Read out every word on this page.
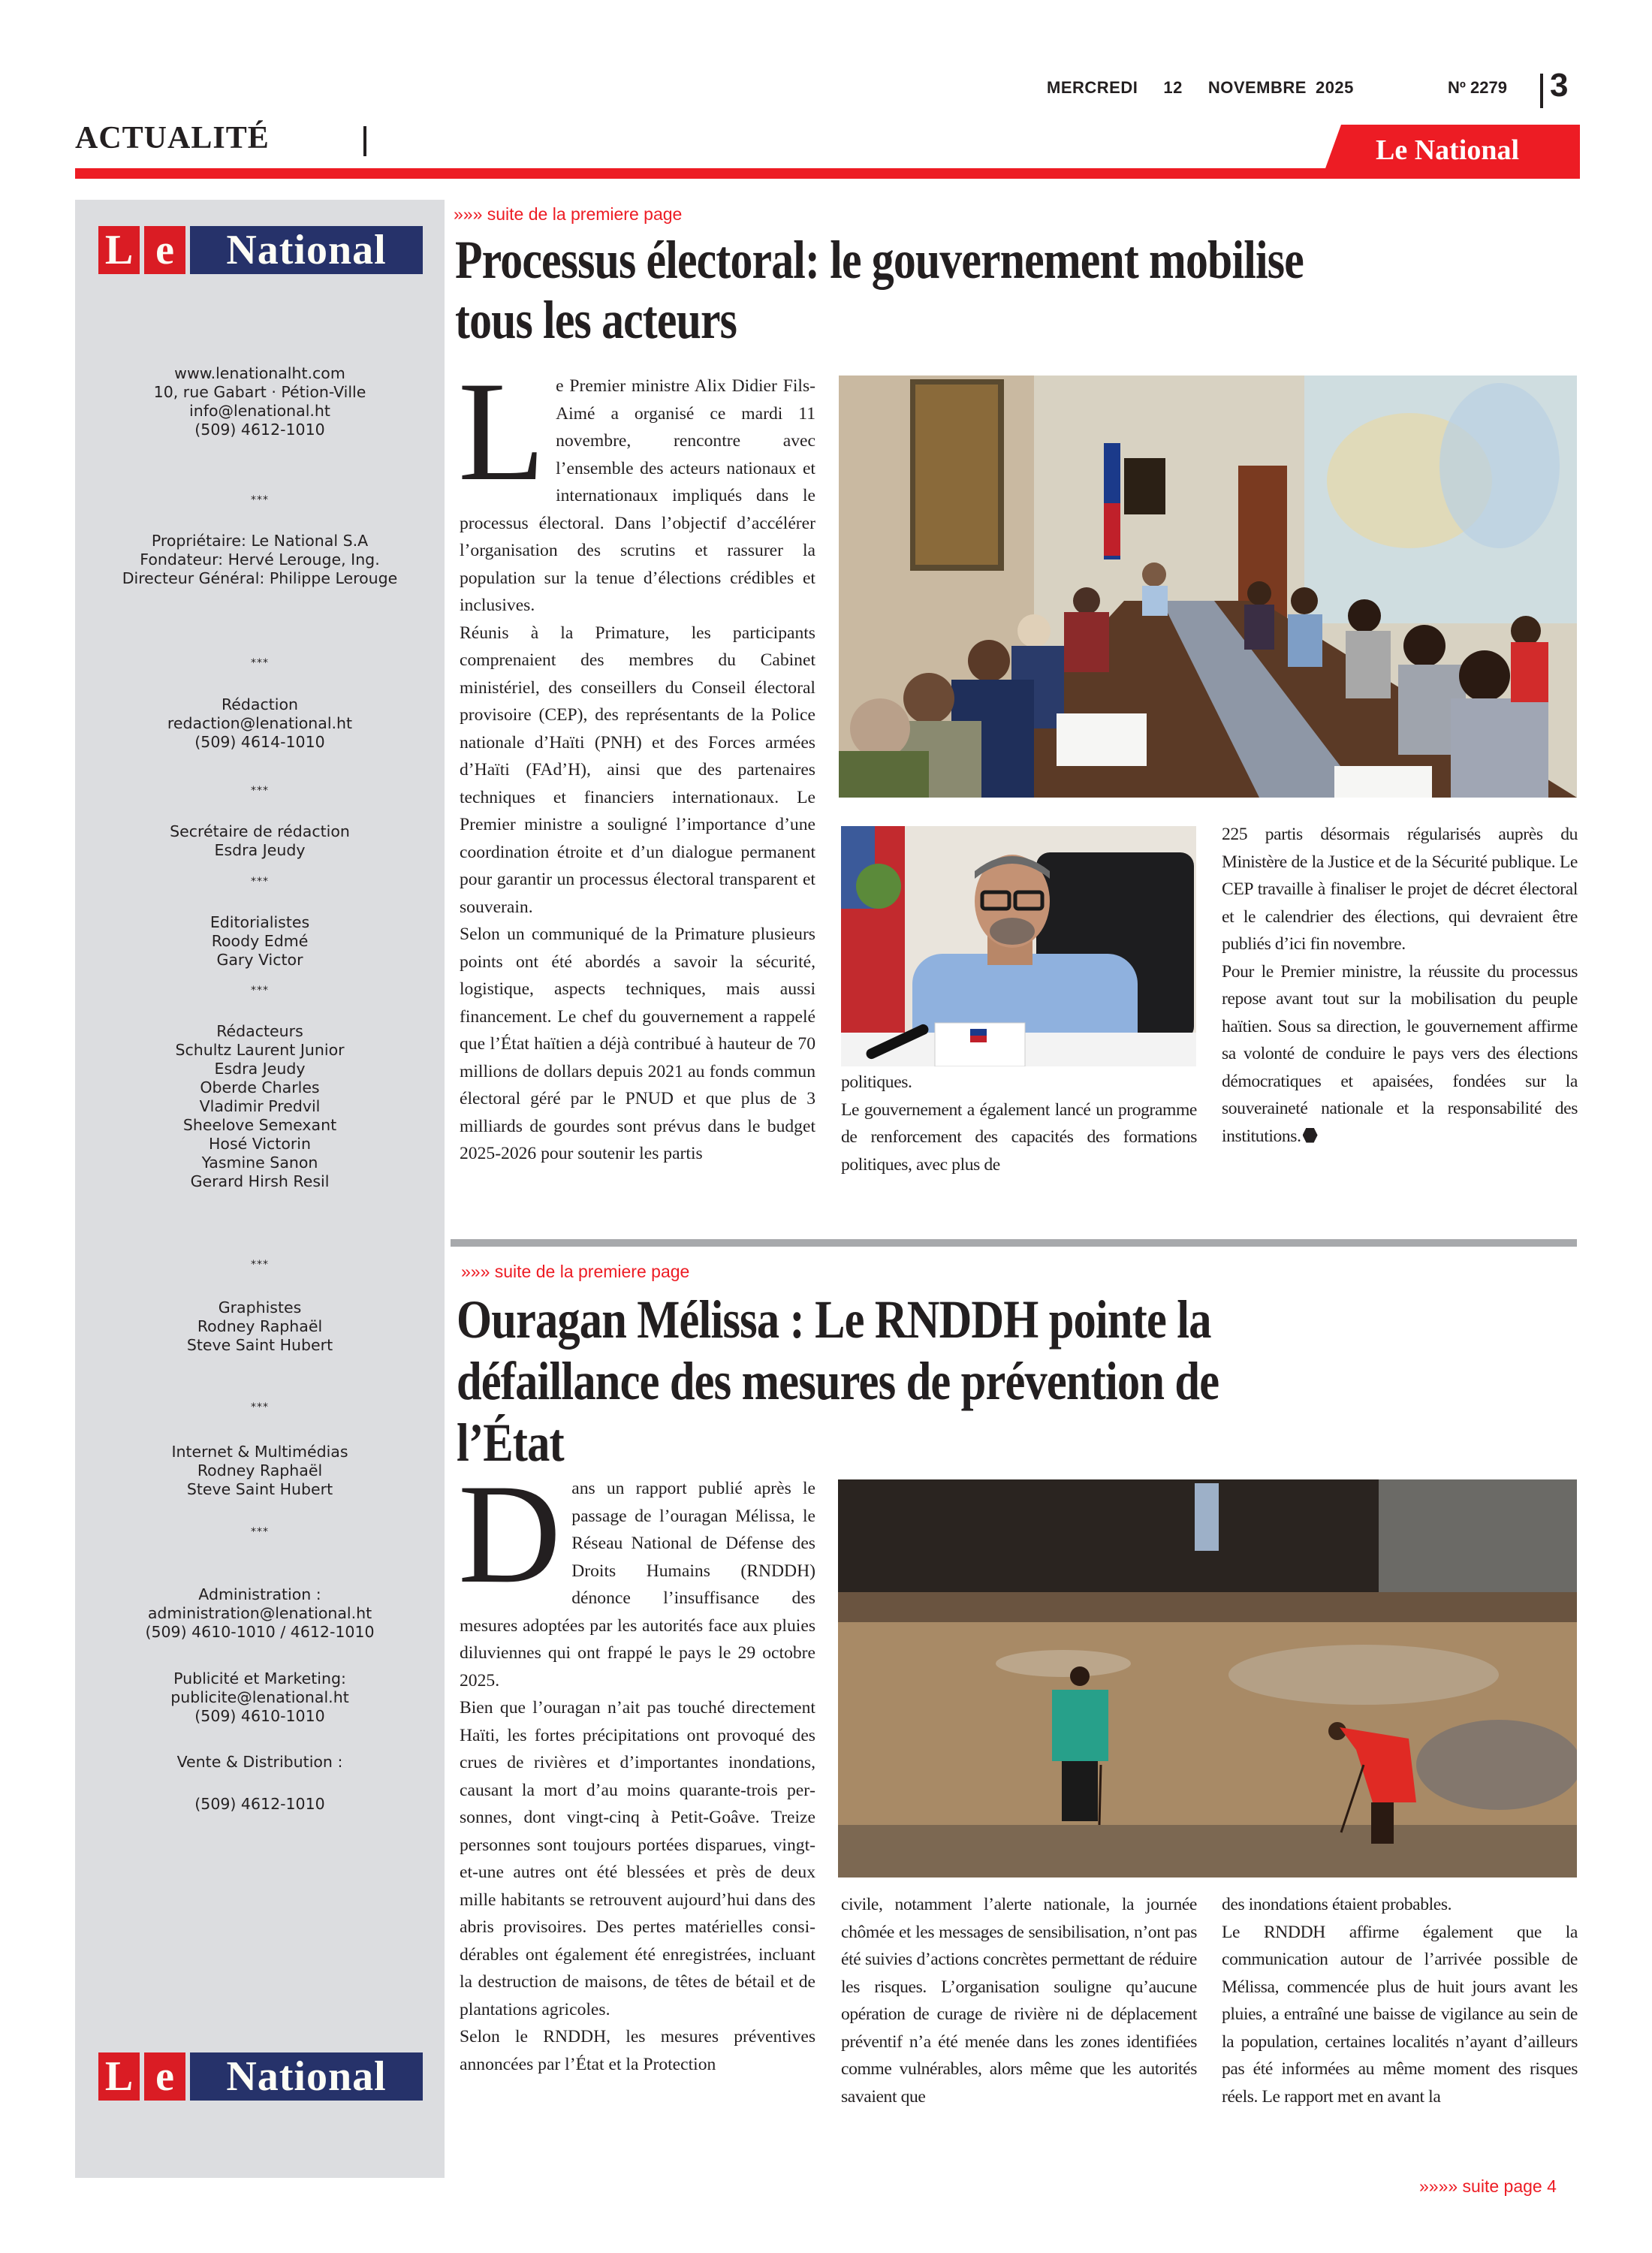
MERCREDI 12 NOVEMBRE 2025	Nº 2279 3
ACTUALITÉ	Le National
L e	National
www.lenationalht.com
10, rue Gabart · Pétion-Ville
info@lenational.ht
(509) 4612-1010
***
Propriétaire: Le National S.A
Fondateur: Hervé Lerouge, Ing.
Directeur Général: Philippe Lerouge
***
Rédaction
redaction@lenational.ht
(509) 4614-1010
***
Secrétaire de rédaction
Esdra Jeudy
***
Editorialistes
Roody Edmé
Gary Victor
***
Rédacteurs
Schultz Laurent Junior
Esdra Jeudy
Oberde Charles
Vladimir Predvil
Sheelove Semexant
Hosé Victorin
Yasmine Sanon
Gerard Hirsh Resil
***
Graphistes
Rodney Raphaël
Steve Saint Hubert
***
Internet & Multimédias
Rodney Raphaël
Steve Saint Hubert
***
Administration :
administration@lenational.ht
(509) 4610-1010 / 4612-1010
Publicité et Marketing:
publicite@lenational.ht
(509) 4610-1010
Vente & Distribution :
(509) 4612-1010
L e	National
»»» suite de la premiere page
Processus électoral: le gouvernement mobilise
tous les acteurs

Le Premier ministre Alix Didier Fils-Aimé a organisé ce mardi 11 novembre, rencontre avec l’ensemble des acteurs nationaux et internationaux impliqués dans le processus électoral. Dans l’objectif d’accélérer l’organisation des scrutins et rassurer la population sur la tenue d’élections crédibles et inclusives.

Réunis à la Primature, les participants comprenaient des membres du Cabinet ministériel, des conseillers du Conseil électoral provisoire (CEP), des représentants de la Police nationale d’Haïti (PNH) et des Forces armées d’Haïti (FAd’H), ainsi que des partenaires techniques et financiers internationaux. Le Premier ministre a souligné l’importance d’une coordination étroite et d’un dialogue permanent pour garantir un processus électoral transparent et souverain.

Selon un communiqué de la Primature plusieurs points ont été abordés a savoir la sécurité, logistique, aspects techniques, mais aussi financement. Le chef du gouvernement a rappelé que l’État haïtien a déjà contribué à hauteur de 70 millions de dollars depuis 2021 au fonds commun électoral géré par le PNUD et que plus de 3 milliards de gourdes sont prévus dans le budget 2025-2026 pour soutenir les partis

politiques.

Le gouvernement a également lancé un programme de renforcement des capacités des formations politiques, avec plus de

225 partis désormais régularisés auprès du Ministère de la Justice et de la Sécurité publique. Le CEP travaille à finaliser le projet de décret électoral et le calendrier des élections, qui devraient être publiés d’ici fin novembre.

Pour le Premier ministre, la réussite du processus repose avant tout sur la mobilisation du peuple haïtien. Sous sa direction, le gouvernement affirme sa volonté de conduire le pays vers des élections démocratiques et apaisées, fondées sur la souveraineté nationale et la responsabilité des institutions.

»»» suite de la premiere page
Ouragan Mélissa : Le RNDDH pointe la
défaillance des mesures de prévention de
l’État

Dans un rapport publié après le passage de l’ouragan Mélissa, le Réseau National de Défense des Droits Humains (RNDDH) dénonce l’insuffisance des mesures adoptées par les autorités face aux pluies diluviennes qui ont frappé le pays le 29 octobre 2025.

Bien que l’ouragan n’ait pas touché directement Haïti, les fortes précipitations ont provoqué des crues de rivières et d’importantes inondations, causant la mort d’au moins quarante-trois personnes, dont vingt-cinq à Petit-Goâve. Treize personnes sont toujours portées disparues, vingt-et-une autres ont été blessées et près de deux mille habitants se retrouvent aujourd’hui dans des abris provisoires. Des pertes matérielles considérables ont également été enregistrées, incluant la destruction de maisons, de têtes de bétail et de plantations agricoles.

Selon le RNDDH, les mesures préventives annoncées par l’État et la Protection

civile, notamment l’alerte nationale, la journée chômée et les messages de sensibilisation, n’ont pas été suivies d’actions concrètes permettant de réduire les risques. L’organisation souligne qu’aucune opération de curage de rivière ni de déplacement préventif n’a été menée dans les zones identifiées comme vulnérables, alors même que les autorités savaient que

des inondations étaient probables.

Le RNDDH affirme également que la communication autour de l’arrivée possible de Mélissa, commencée plus de huit jours avant les pluies, a entraîné une baisse de vigilance au sein de la population, certaines localités n’ayant d’ailleurs pas été informées au même moment des risques réels. Le rapport met en avant la

»»»» suite page 4
